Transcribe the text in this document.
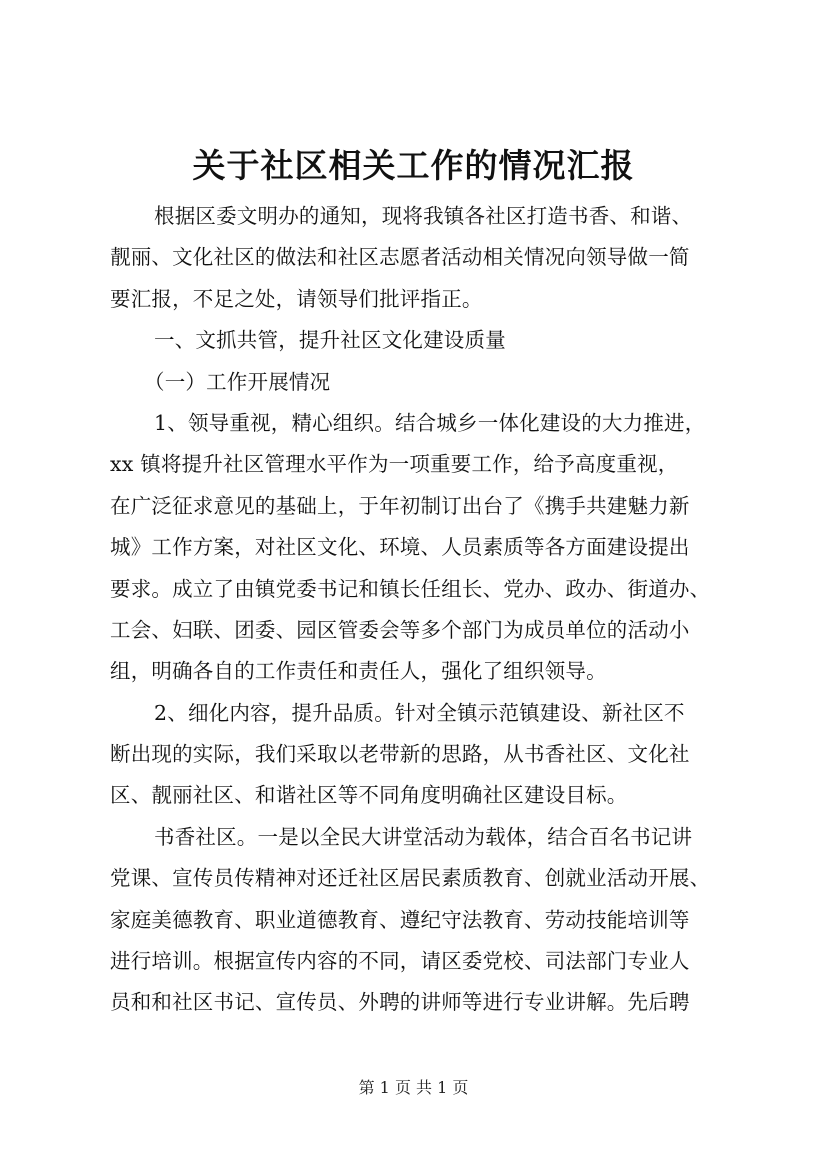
关于社区相关工作的情况汇报
根据区委文明办的通知，现将我镇各社区打造书香、和谐、
靓丽、文化社区的做法和社区志愿者活动相关情况向领导做一简
要汇报，不足之处，请领导们批评指正。
一、文抓共管，提升社区文化建设质量
（一）工作开展情况
1、领导重视，精心组织。结合城乡一体化建设的大力推进，
xx 镇将提升社区管理水平作为一项重要工作，给予高度重视，
在广泛征求意见的基础上，于年初制订出台了《携手共建魅力新
城》工作方案，对社区文化、环境、人员素质等各方面建设提出
要求。成立了由镇党委书记和镇长任组长、党办、政办、街道办、
工会、妇联、团委、园区管委会等多个部门为成员单位的活动小
组，明确各自的工作责任和责任人，强化了组织领导。
2、细化内容，提升品质。针对全镇示范镇建设、新社区不
断出现的实际，我们采取以老带新的思路，从书香社区、文化社
区、靓丽社区、和谐社区等不同角度明确社区建设目标。
书香社区。一是以全民大讲堂活动为载体，结合百名书记讲
党课、宣传员传精神对还迁社区居民素质教育、创就业活动开展、
家庭美德教育、职业道德教育、遵纪守法教育、劳动技能培训等
进行培训。根据宣传内容的不同，请区委党校、司法部门专业人
员和和社区书记、宣传员、外聘的讲师等进行专业讲解。先后聘
第 1 页 共 1 页
